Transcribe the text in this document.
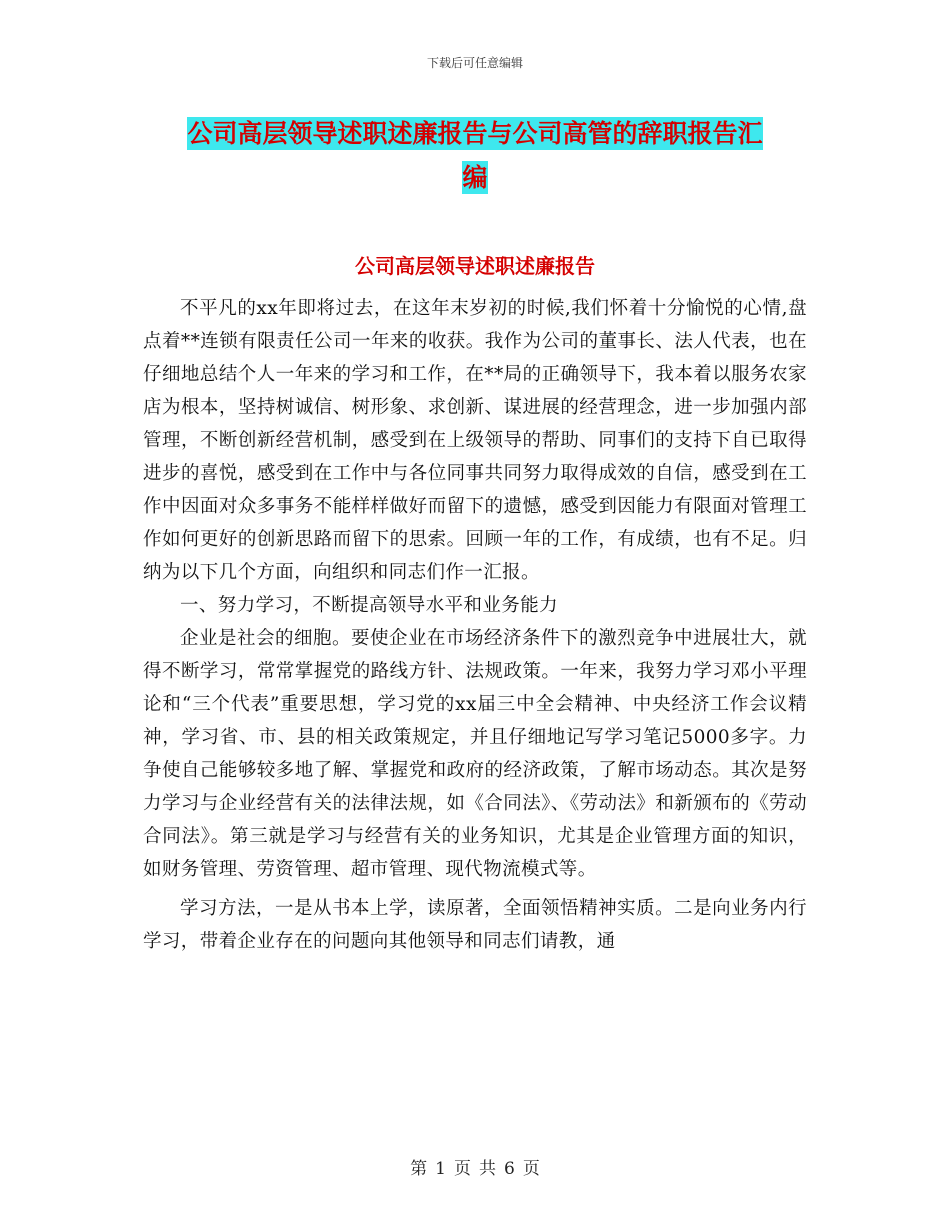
下载后可任意编辑
公司高层领导述职述廉报告与公司高管的辞职报告汇
编
公司高层领导述职述廉报告

不平凡的xx年即将过去，在这年末岁初的时候,我们怀着十分愉悦的心情,盘点着**连锁有限责任公司一年来的收获。我作为公司的董事长、法人代表，也在仔细地总结个人一年来的学习和工作，在**局的正确领导下，我本着以服务农家店为根本，坚持树诚信、树形象、求创新、谋进展的经营理念，进一步加强内部管理，不断创新经营机制，感受到在上级领导的帮助、同事们的支持下自已取得进步的喜悦，感受到在工作中与各位同事共同努力取得成效的自信，感受到在工作中因面对众多事务不能样样做好而留下的遗憾，感受到因能力有限面对管理工作如何更好的创新思路而留下的思索。回顾一年的工作，有成绩，也有不足。归纳为以下几个方面，向组织和同志们作一汇报。

一、努力学习，不断提高领导水平和业务能力

企业是社会的细胞。要使企业在市场经济条件下的激烈竞争中进展壮大，就得不断学习，常常掌握党的路线方针、法规政策。一年来，我努力学习邓小平理论和“三个代表”重要思想，学习党的xx届三中全会精神、中央经济工作会议精神，学习省、市、县的相关政策规定，并且仔细地记写学习笔记5000多字。力争使自己能够较多地了解、掌握党和政府的经济政策，了解市场动态。其次是努力学习与企业经营有关的法律法规，如《合同法》、《劳动法》和新颁布的《劳动合同法》。第三就是学习与经营有关的业务知识，尤其是企业管理方面的知识，如财务管理、劳资管理、超市管理、现代物流模式等。

学习方法，一是从书本上学，读原著，全面领悟精神实质。二是向业务内行学习，带着企业存在的问题向其他领导和同志们请教，通

第 1 页 共 6 页
